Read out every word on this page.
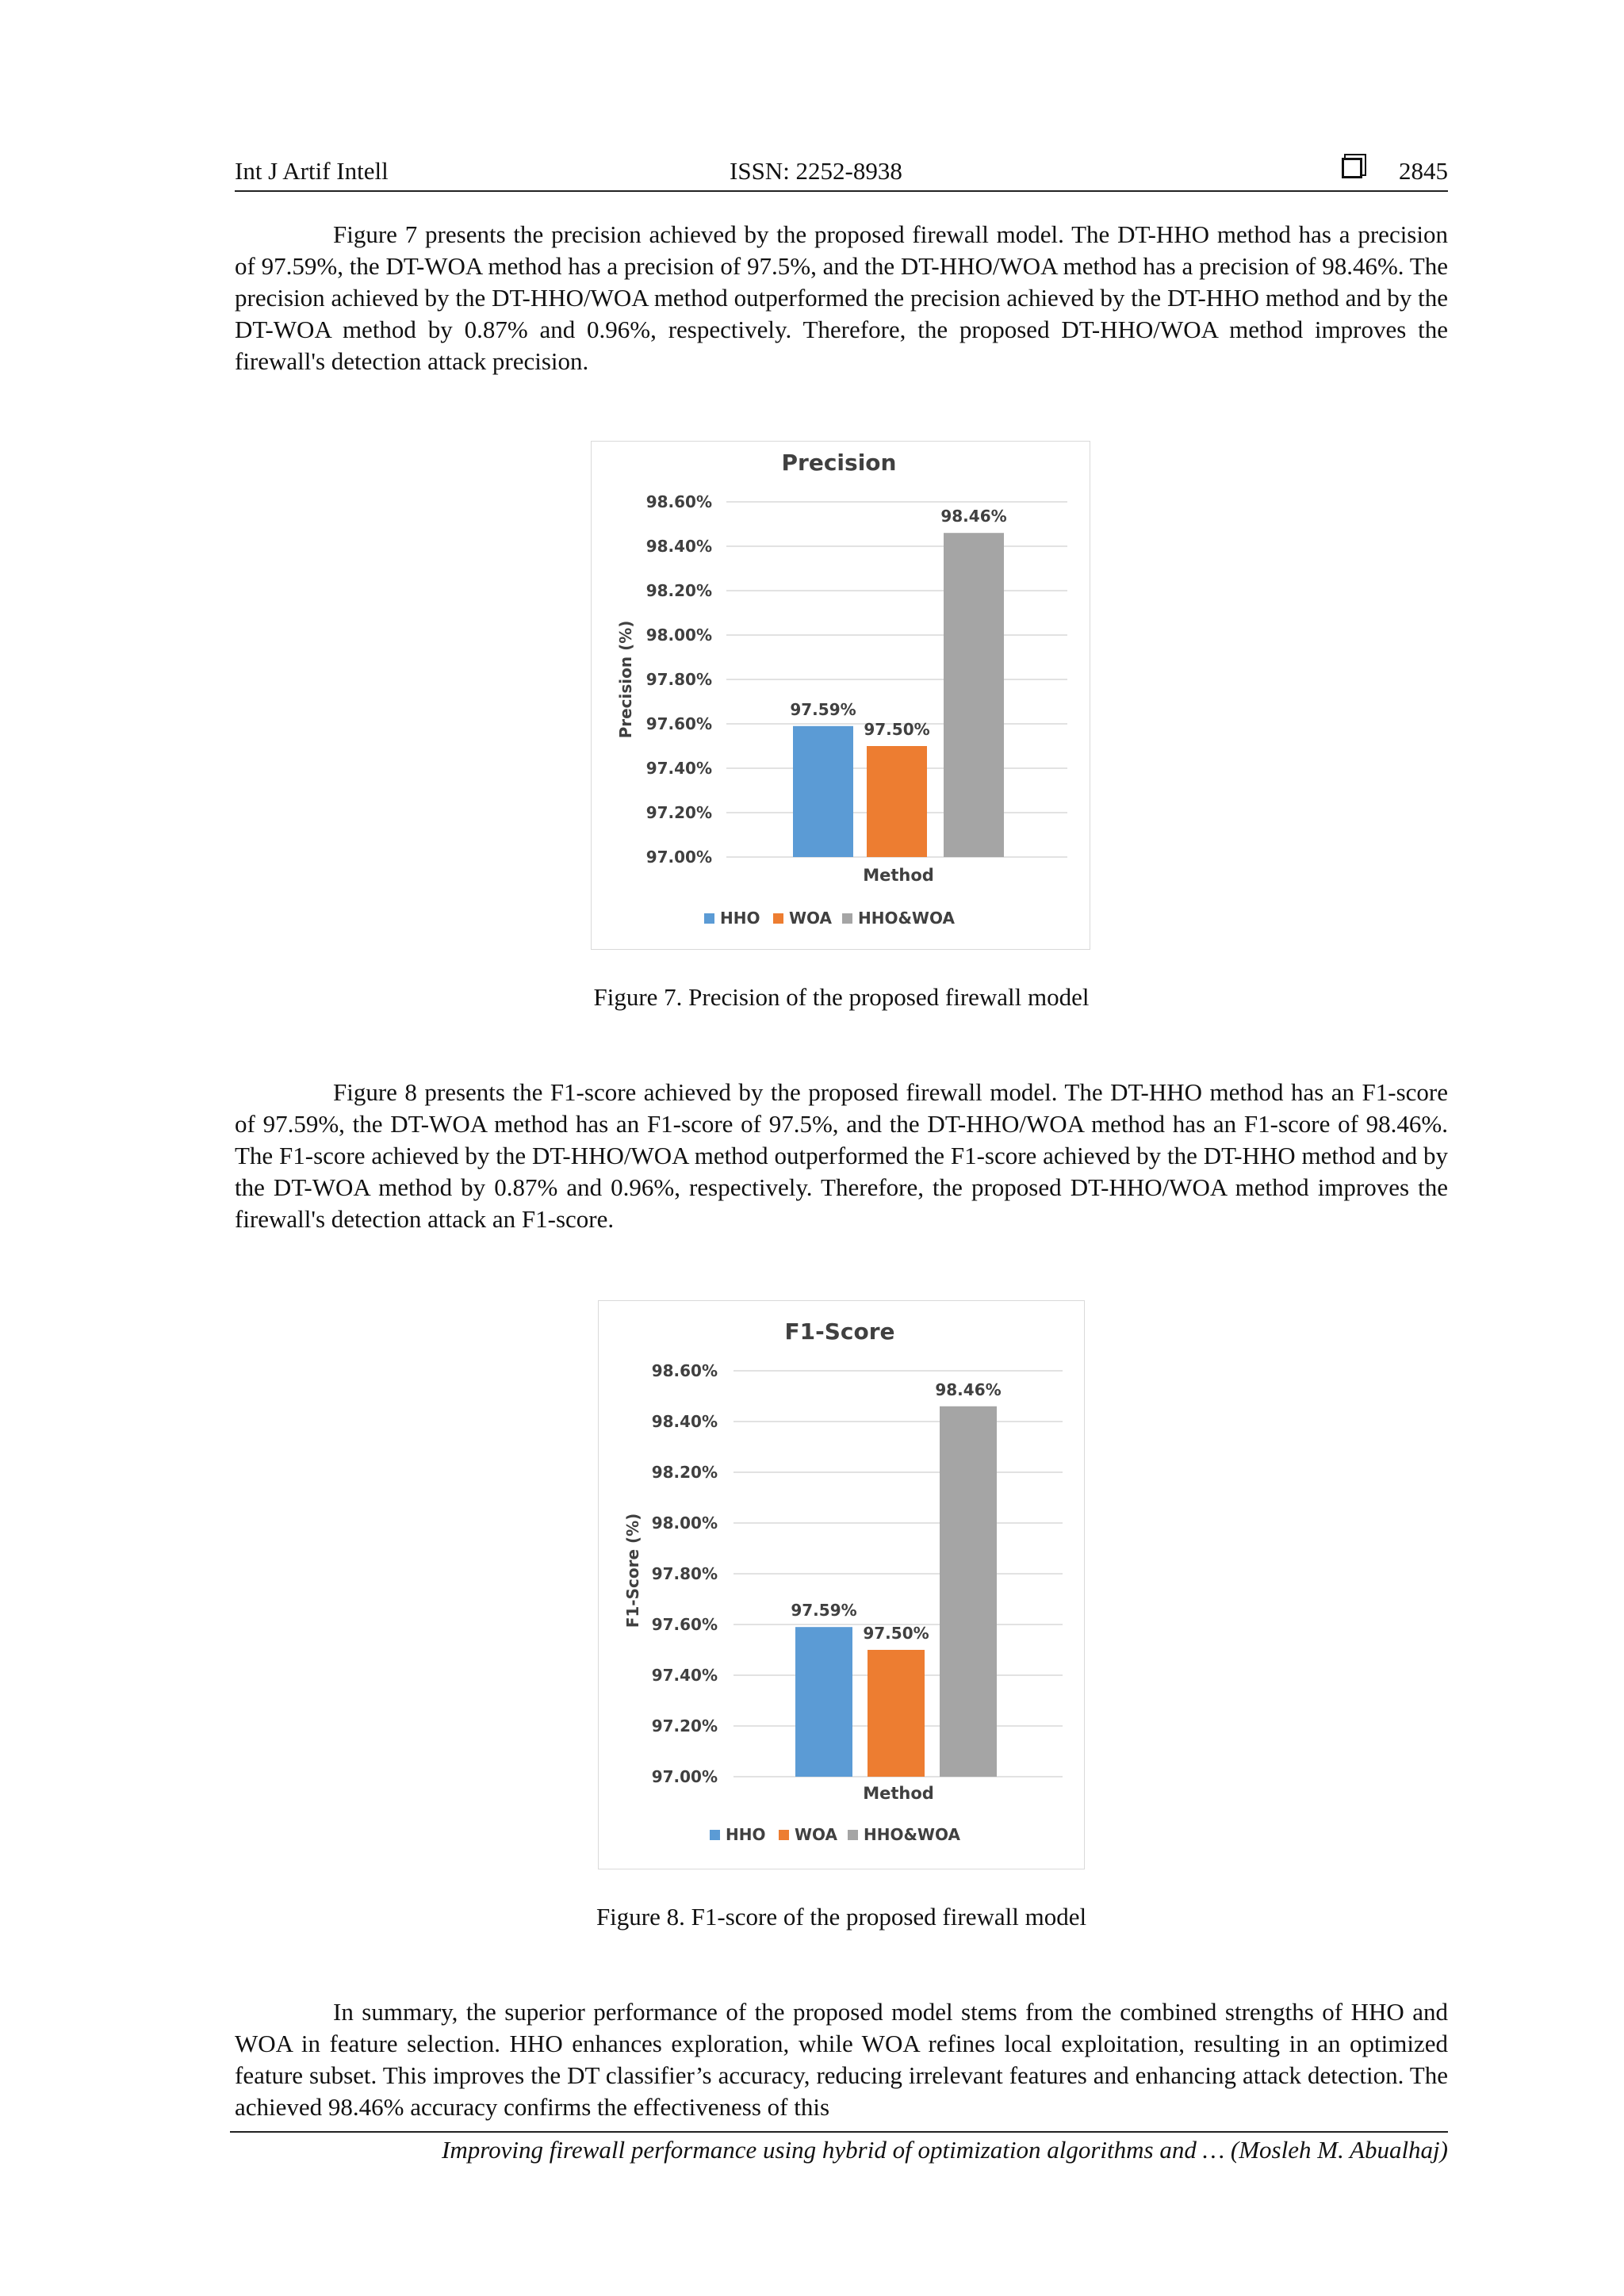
Int J Artif Intell	ISSN: 2252-8938	2845
Figure 7 presents the precision achieved by the proposed firewall model. The DT-HHO method has a precision of 97.59%, the DT-WOA method has a precision of 97.5%, and the DT-HHO/WOA method has a precision of 98.46%. The precision achieved by the DT-HHO/WOA method outperformed the precision achieved by the DT-HHO method and by the DT-WOA method by 0.87% and 0.96%, respectively. Therefore, the proposed DT-HHO/WOA method improves the firewall's detection attack precision.
Precision
97.00%
97.20%
97.40%
97.60%
97.80%
98.00%
98.20%
98.40%
98.60%
97.59%
97.50%
98.46%
Method
Precision (%)
HHO WOA HHO&WOA
Figure 7. Precision of the proposed firewall model
Figure 8 presents the F1-score achieved by the proposed firewall model. The DT-HHO method has an F1-score of 97.59%, the DT-WOA method has an F1-score of 97.5%, and the DT-HHO/WOA method has an F1-score of 98.46%. The F1-score achieved by the DT-HHO/WOA method outperformed the F1-score achieved by the DT-HHO method and by the DT-WOA method by 0.87% and 0.96%, respectively. Therefore, the proposed DT-HHO/WOA method improves the firewall's detection attack an F1-score.
F1-Score
97.00%
97.20%
97.40%
97.60%
97.80%
98.00%
98.20%
98.40%
98.60%
97.59%
97.50%
98.46%
Method
F1-Score (%)
HHO WOA HHO&WOA
Figure 8. F1-score of the proposed firewall model
In summary, the superior performance of the proposed model stems from the combined strengths of HHO and WOA in feature selection. HHO enhances exploration, while WOA refines local exploitation, resulting in an optimized feature subset. This improves the DT classifier’s accuracy, reducing irrelevant features and enhancing attack detection. The achieved 98.46% accuracy confirms the effectiveness of this
Improving firewall performance using hybrid of optimization algorithms and … (Mosleh M. Abualhaj)
